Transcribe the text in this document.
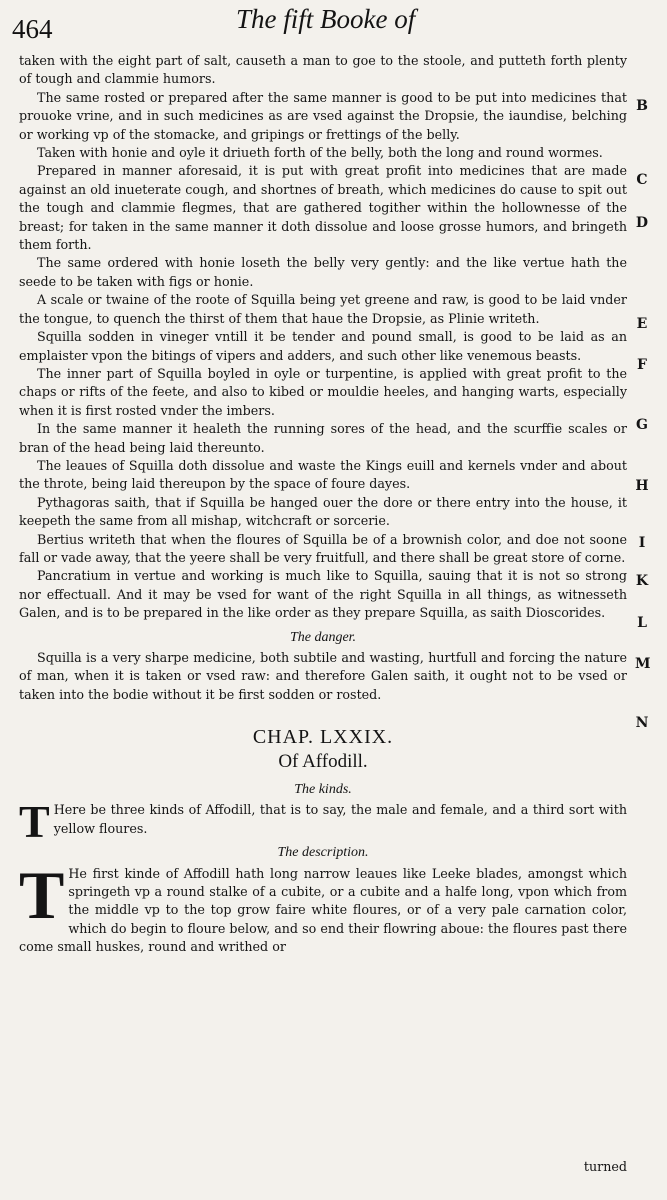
464	The fift Booke of
B
C
D
E
F
G
H
I
K
L
M
N

taken with the eight part of salt, causeth a man to goe to the stoole, and putteth forth plenty of tough and clammie humors.

The same rosted or prepared after the same manner is good to be put into medicines that prouoke vrine, and in such medicines as are vsed against the Dropsie, the iaundise, belching or working vp of the stomacke, and gripings or frettings of the belly.

Taken with honie and oyle it driueth forth of the belly, both the long and round wormes.

Prepared in manner aforesaid, it is put with great profit into medicines that are made against an old inueterate cough, and shortnes of breath, which medicines do cause to spit out the tough and clammie flegmes, that are gathered togither within the hollownesse of the breast; for taken in the same manner it doth dissolue and loose grosse humors, and bringeth them forth.

The same ordered with honie loseth the belly very gently: and the like vertue hath the seede to be taken with figs or honie.

A scale or twaine of the roote of Squilla being yet greene and raw, is good to be laid vnder the tongue, to quench the thirst of them that haue the Dropsie, as Plinie writeth.

Squilla sodden in vineger vntill it be tender and pound small, is good to be laid as an emplaister vpon the bitings of vipers and adders, and such other like venemous beasts.

The inner part of Squilla boyled in oyle or turpentine, is applied with great profit to the chaps or rifts of the feete, and also to kibed or mouldie heeles, and hanging warts, especially when it is first rosted vnder the imbers.

In the same manner it healeth the running sores of the head, and the scurffie scales or bran of the head being laid thereunto.

The leaues of Squilla doth dissolue and waste the Kings euill and kernels vnder and about the throte, being laid thereupon by the space of foure dayes.

Pythagoras saith, that if Squilla be hanged ouer the dore or there entry into the house, it keepeth the same from all mishap, witchcraft or sorcerie.

Bertius writeth that when the floures of Squilla be of a brownish color, and doe not soone fall or vade away, that the yeere shall be very fruitfull, and there shall be great store of corne.

Pancratium in vertue and working is much like to Squilla, sauing that it is not so strong nor effectuall. And it may be vsed for want of the right Squilla in all things, as witnesseth Galen, and is to be prepared in the like order as they prepare Squilla, as saith Dioscorides.

The danger.

Squilla is a very sharpe medicine, both subtile and wasting, hurtfull and forcing the nature of man, when it is taken or vsed raw: and therefore Galen saith, it ought not to be vsed or taken into the bodie without it be first sodden or rosted.

CHAP. LXXIX.
Of Affodill.
The kinds.

T Here be three kinds of Affodill, that is to say, the male and female, and a third sort with yellow floures.

The description.

T He first kinde of Affodill hath long narrow leaues like Leeke blades, amongst which springeth vp a round stalke of a cubite, or a cubite and a halfe long, vpon which from the middle vp to the top grow faire white floures, or of a very pale carnation color, which do begin to floure below, and so end their flowring aboue: the floures past there come small huskes, round and writhed or

turned
